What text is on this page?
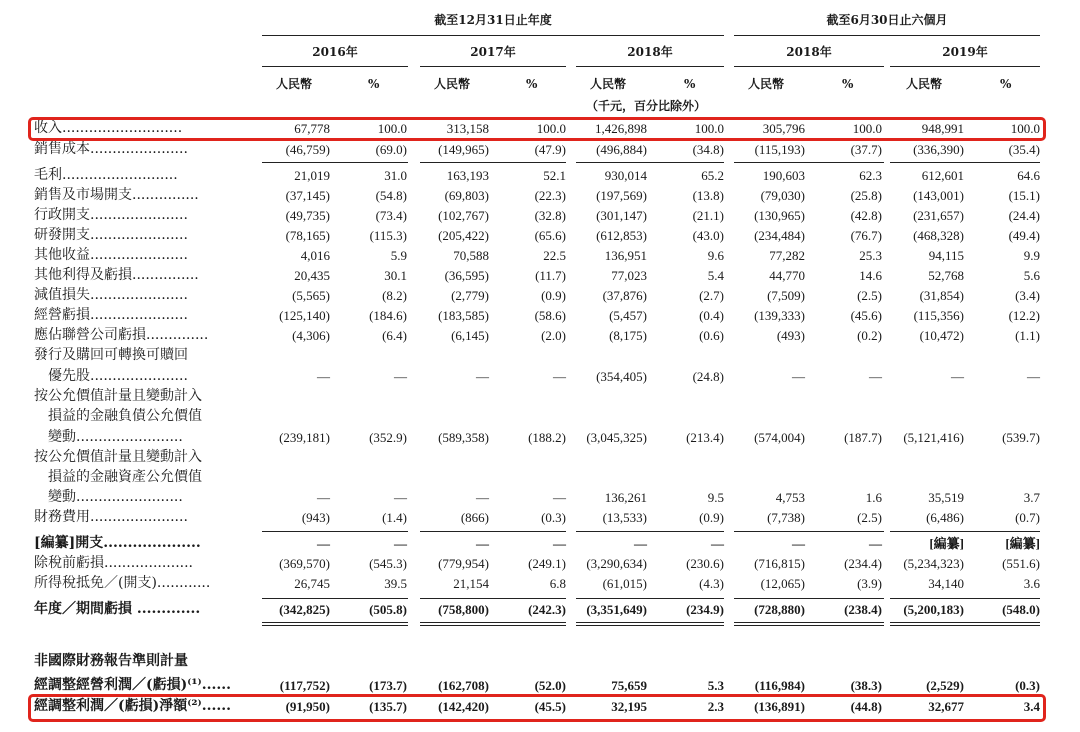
截至12月31日止年度	截至6月30日止六個月
2016年	2017年	2018年	2018年	2019年
人民幣	%	人民幣	%	人民幣	%	人民幣	%	人民幣	%
（千元，百分比除外）
收入...........................	67,778	100.0	313,158	100.0	1,426,898	100.0	305,796	100.0	948,991	100.0
銷售成本......................	(46,759)	(69.0)	(149,965)	(47.9)	(496,884)	(34.8)	(115,193)	(37.7)	(336,390)	(35.4)
毛利..........................	21,019	31.0	163,193	52.1	930,014	65.2	190,603	62.3	612,601	64.6
銷售及市場開支...............	(37,145)	(54.8)	(69,803)	(22.3)	(197,569)	(13.8)	(79,030)	(25.8)	(143,001)	(15.1)
行政開支......................	(49,735)	(73.4)	(102,767)	(32.8)	(301,147)	(21.1)	(130,965)	(42.8)	(231,657)	(24.4)
研發開支......................	(78,165)	(115.3)	(205,422)	(65.6)	(612,853)	(43.0)	(234,484)	(76.7)	(468,328)	(49.4)
其他收益......................	4,016	5.9	70,588	22.5	136,951	9.6	77,282	25.3	94,115	9.9
其他利得及虧損...............	20,435	30.1	(36,595)	(11.7)	77,023	5.4	44,770	14.6	52,768	5.6
減值損失......................	(5,565)	(8.2)	(2,779)	(0.9)	(37,876)	(2.7)	(7,509)	(2.5)	(31,854)	(3.4)
經營虧損......................	(125,140)	(184.6)	(183,585)	(58.6)	(5,457)	(0.4)	(139,333)	(45.6)	(115,356)	(12.2)
應佔聯營公司虧損..............	(4,306)	(6.4)	(6,145)	(2.0)	(8,175)	(0.6)	(493)	(0.2)	(10,472)	(1.1)
發行及購回可轉換可贖回
　優先股......................	—	—	—	—	(354,405)	(24.8)	—	—	—	—
按公允價值計量且變動計入
　損益的金融負債公允價值
　變動........................	(239,181)	(352.9)	(589,358)	(188.2)	(3,045,325)	(213.4)	(574,004)	(187.7)	(5,121,416)	(539.7)
按公允價值計量且變動計入
　損益的金融資產公允價值
　變動........................	—	—	—	—	136,261	9.5	4,753	1.6	35,519	3.7
財務費用......................	(943)	(1.4)	(866)	(0.3)	(13,533)	(0.9)	(7,738)	(2.5)	(6,486)	(0.7)
[編纂]開支....................	—	—	—	—	—	—	—	—	[編纂]	[編纂]
除稅前虧損....................	(369,570)	(545.3)	(779,954)	(249.1)	(3,290,634)	(230.6)	(716,815)	(234.4)	(5,234,323)	(551.6)
所得稅抵免／(開支)............	26,745	39.5	21,154	6.8	(61,015)	(4.3)	(12,065)	(3.9)	34,140	3.6
年度／期間虧損 .............	(342,825)	(505.8)	(758,800)	(242.3)	(3,351,649)	(234.9)	(728,880)	(238.4)	(5,200,183)	(548.0)
非國際財務報告準則計量
經調整經營利潤／(虧損)⁽¹⁾......	(117,752)	(173.7)	(162,708)	(52.0)	75,659	5.3	(116,984)	(38.3)	(2,529)	(0.3)
經調整利潤／(虧損)淨額⁽²⁾......	(91,950)	(135.7)	(142,420)	(45.5)	32,195	2.3	(136,891)	(44.8)	32,677	3.4
